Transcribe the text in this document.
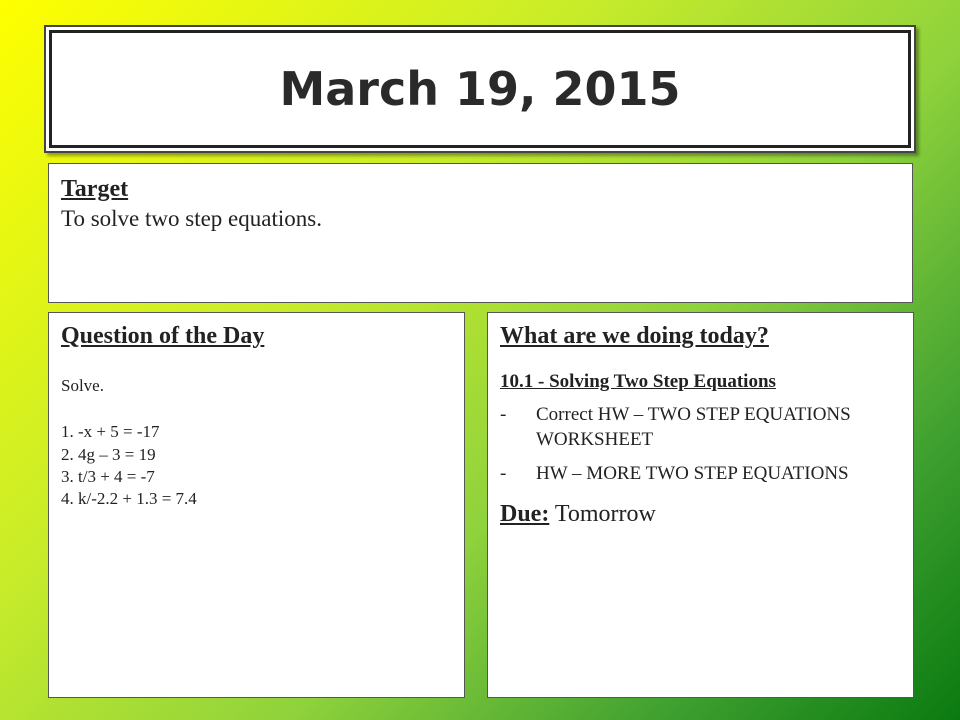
March 19, 2015

Target

To solve two step equations.

Question of the Day

Solve.

1. -x + 5 = -17
2. 4g – 3 = 19
3. t/3 + 4 = -7
4. k/-2.2 + 1.3 = 7.4

What are we doing today?

10.1 - Solving Two Step Equations

-	Correct HW – TWO STEP EQUATIONS WORKSHEET
-	HW – MORE TWO STEP EQUATIONS

Due: Tomorrow
